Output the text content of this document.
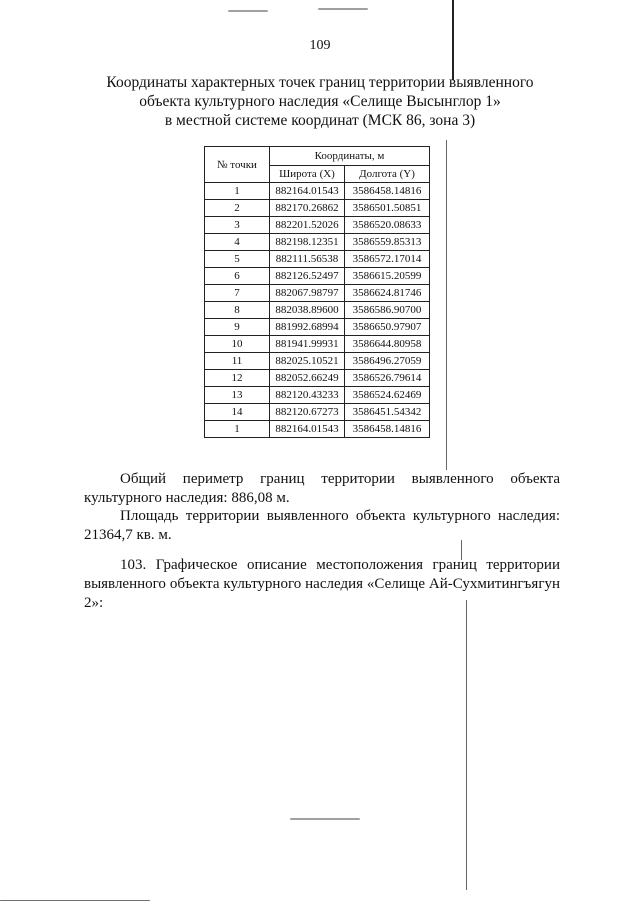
109
Координаты характерных точек границ территории выявленного
объекта культурного наследия «Селище Высынглор 1»
в местной системе координат (МСК 86, зона 3)
№ точки	Координаты, м	
	Широта (X)	Долгота (Y)
1	882164.01543	3586458.14816
2	882170.26862	3586501.50851
3	882201.52026	3586520.08633
4	882198.12351	3586559.85313
5	882111.56538	3586572.17014
6	882126.52497	3586615.20599
7	882067.98797	3586624.81746
8	882038.89600	3586586.90700
9	881992.68994	3586650.97907
10	881941.99931	3586644.80958
11	882025.10521	3586496.27059
12	882052.66249	3586526.79614
13	882120.43233	3586524.62469
14	882120.67273	3586451.54342
1	882164.01543	3586458.14816
Общий периметр границ территории выявленного объекта культурного наследия: 886,08 м.
Площадь территории выявленного объекта культурного наследия: 21364,7 кв. м.
103. Графическое описание местоположения границ территории выявленного объекта культурного наследия «Селище Ай-Сухмитингъягун 2»:
